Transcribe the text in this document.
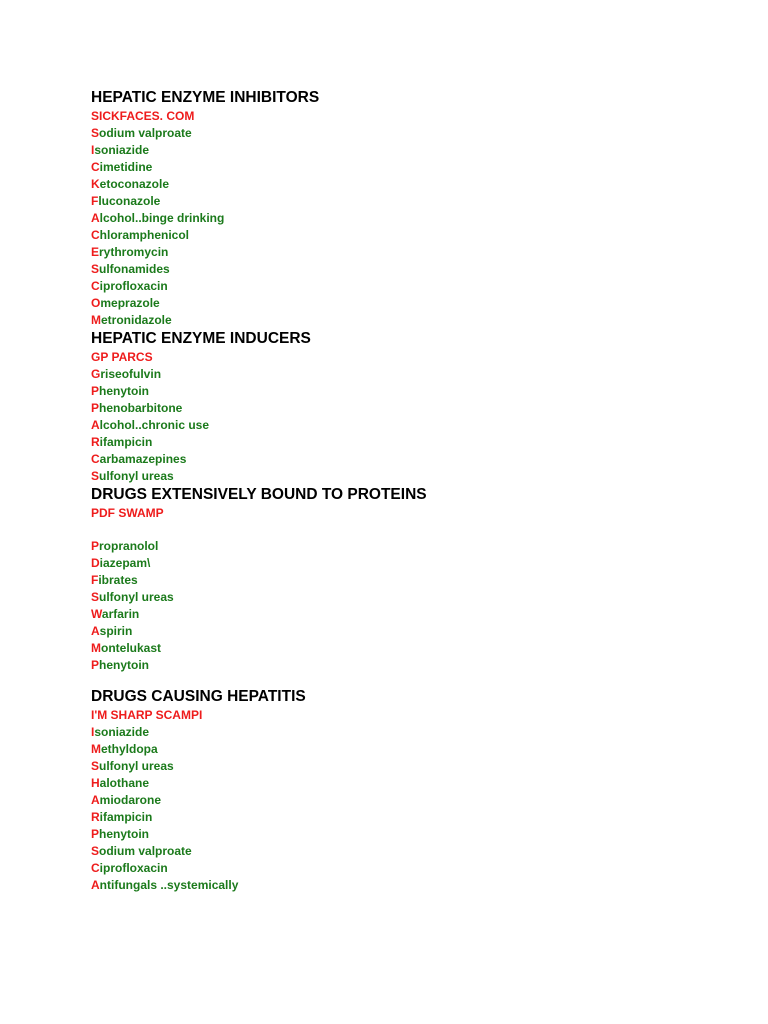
HEPATIC ENZYME INHIBITORS
SICKFACES. COM
Sodium valproate
Isoniazide
Cimetidine
Ketoconazole
Fluconazole
Alcohol..binge drinking
Chloramphenicol
Erythromycin
Sulfonamides
Ciprofloxacin
Omeprazole
Metronidazole
HEPATIC ENZYME INDUCERS
GP PARCS
Griseofulvin
Phenytoin
Phenobarbitone
Alcohol..chronic use
Rifampicin
Carbamazepines
Sulfonyl ureas
DRUGS EXTENSIVELY BOUND TO PROTEINS
PDF SWAMP
Propranolol
Diazepam\
Fibrates
Sulfonyl ureas
Warfarin
Aspirin
Montelukast
Phenytoin
DRUGS CAUSING HEPATITIS
I'M SHARP SCAMPI
Isoniazide
Methyldopa
Sulfonyl ureas
Halothane
Amiodarone
Rifampicin
Phenytoin
Sodium valproate
Ciprofloxacin
Antifungals ..systemically
